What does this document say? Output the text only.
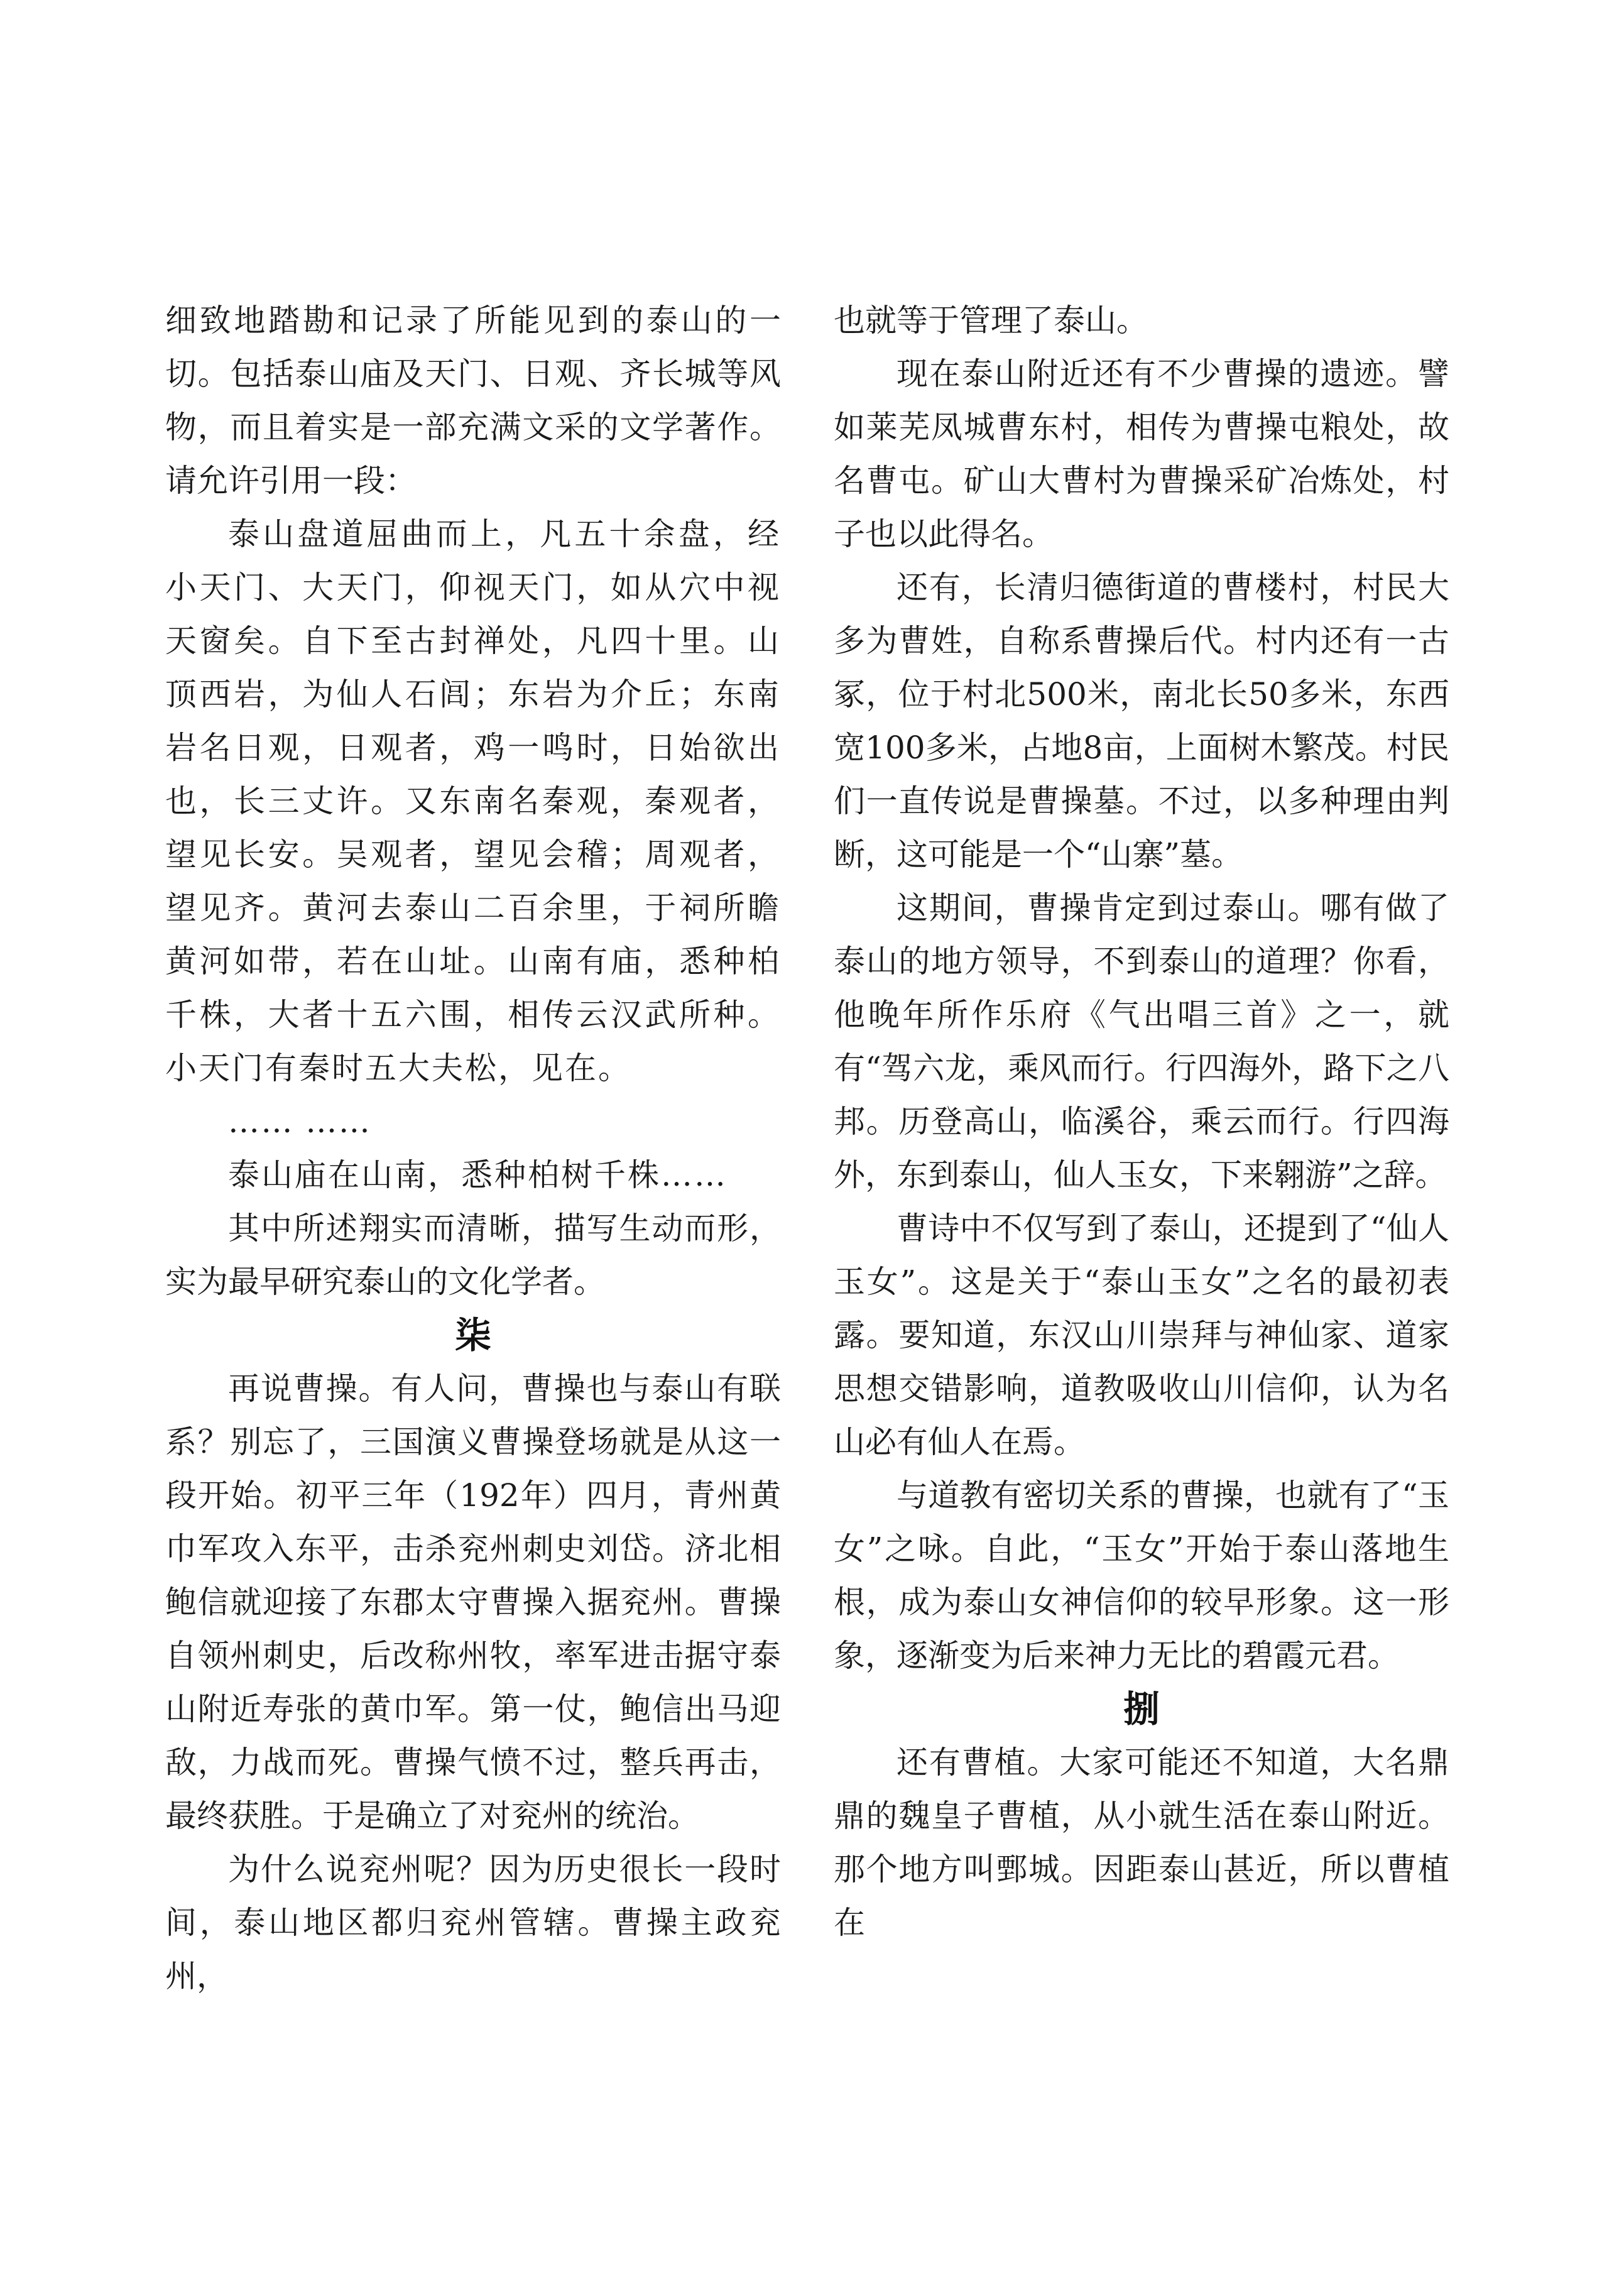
细致地踏勘和记录了所能见到的泰山的一切。包括泰山庙及天门、日观、齐长城等风物，而且着实是一部充满文采的文学著作。请允许引用一段：

泰山盘道屈曲而上，凡五十余盘，经小天门、大天门，仰视天门，如从穴中视天窗矣。自下至古封禅处，凡四十里。山顶西岩，为仙人石闾；东岩为介丘；东南岩名日观，日观者，鸡一鸣时，日始欲出也，长三丈许。又东南名秦观，秦观者，望见长安。吴观者，望见会稽；周观者，望见齐。黄河去泰山二百余里，于祠所瞻黄河如带，若在山址。山南有庙，悉种柏千株，大者十五六围，相传云汉武所种。小天门有秦时五大夫松，见在。

…… ……

泰山庙在山南，悉种柏树千株……

其中所述翔实而清晰，描写生动而形，实为最早研究泰山的文化学者。

柒

再说曹操。有人问，曹操也与泰山有联系？别忘了，三国演义曹操登场就是从这一段开始。初平三年（192年）四月，青州黄巾军攻入东平，击杀兖州刺史刘岱。济北相鲍信就迎接了东郡太守曹操入据兖州。曹操自领州刺史，后改称州牧，率军进击据守泰山附近寿张的黄巾军。第一仗，鲍信出马迎敌，力战而死。曹操气愤不过，整兵再击，最终获胜。于是确立了对兖州的统治。

为什么说兖州呢？因为历史很长一段时间，泰山地区都归兖州管辖。曹操主政兖州，

也就等于管理了泰山。

现在泰山附近还有不少曹操的遗迹。譬如莱芜凤城曹东村，相传为曹操屯粮处，故名曹屯。矿山大曹村为曹操采矿冶炼处，村子也以此得名。

还有，长清归德街道的曹楼村，村民大多为曹姓，自称系曹操后代。村内还有一古冢，位于村北500米，南北长50多米，东西宽100多米，占地8亩，上面树木繁茂。村民们一直传说是曹操墓。不过，以多种理由判断，这可能是一个“山寨”墓。

这期间，曹操肯定到过泰山。哪有做了泰山的地方领导，不到泰山的道理？你看，他晚年所作乐府《气出唱三首》之一，就有“驾六龙，乘风而行。行四海外，路下之八邦。历登高山，临溪谷，乘云而行。行四海外，东到泰山，仙人玉女，下来翱游”之辞。

曹诗中不仅写到了泰山，还提到了“仙人玉女”。这是关于“泰山玉女”之名的最初表露。要知道，东汉山川崇拜与神仙家、道家思想交错影响，道教吸收山川信仰，认为名山必有仙人在焉。

与道教有密切关系的曹操，也就有了“玉女”之咏。自此，“玉女”开始于泰山落地生根，成为泰山女神信仰的较早形象。这一形象，逐渐变为后来神力无比的碧霞元君。

捌

还有曹植。大家可能还不知道，大名鼎鼎的魏皇子曹植，从小就生活在泰山附近。那个地方叫鄄城。因距泰山甚近，所以曹植在
